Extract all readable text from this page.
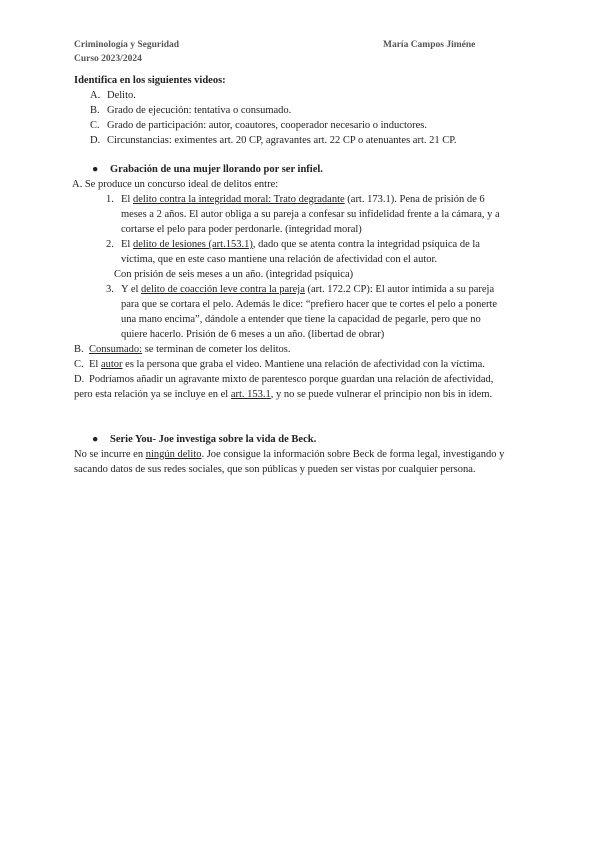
Criminología y Seguridad
Curso 2023/2024
María Campos Jiméne
Identifica en los siguientes videos:
A. Delito.
B. Grado de ejecución: tentativa o consumado.
C. Grado de participación: autor, coautores, cooperador necesario o inductores.
D. Circunstancias: eximentes art. 20 CP, agravantes art. 22 CP o atenuantes art. 21 CP.
●	Grabación de una mujer llorando por ser infiel.
A. Se produce un concurso ideal de delitos entre:
1. El delito contra la integridad moral: Trato degradante (art. 173.1). Pena de prisión de 6
meses a 2 años. El autor obliga a su pareja a confesar su infidelidad frente a la cámara, y a
cortarse el pelo para poder perdonarle. (integridad moral)
2. El delito de lesiones (art.153.1), dado que se atenta contra la integridad psíquica de la
víctima, que en este caso mantiene una relación de afectividad con el autor.
Con prisión de seis meses a un año. (integridad psíquica)
3. Y el delito de coacción leve contra la pareja (art. 172.2 CP): El autor intimida a su pareja
para que se cortara el pelo. Además le dice: “prefiero hacer que te cortes el pelo a ponerte
una mano encima”, dándole a entender que tiene la capacidad de pegarle, pero que no
quiere hacerlo. Prisión de 6 meses a un año. (libertad de obrar)
B. Consumado: se terminan de cometer los delitos.
C. El autor es la persona que graba el video. Mantiene una relación de afectividad con la víctima.
D. Podríamos añadir un agravante mixto de parentesco porque guardan una relación de afectividad,
pero esta relación ya se incluye en el art. 153.1, y no se puede vulnerar el principio non bis in idem.
●	Serie You- Joe investiga sobre la vida de Beck.
No se incurre en ningún delito. Joe consigue la información sobre Beck de forma legal, investigando y
sacando datos de sus redes sociales, que son públicas y pueden ser vistas por cualquier persona.
